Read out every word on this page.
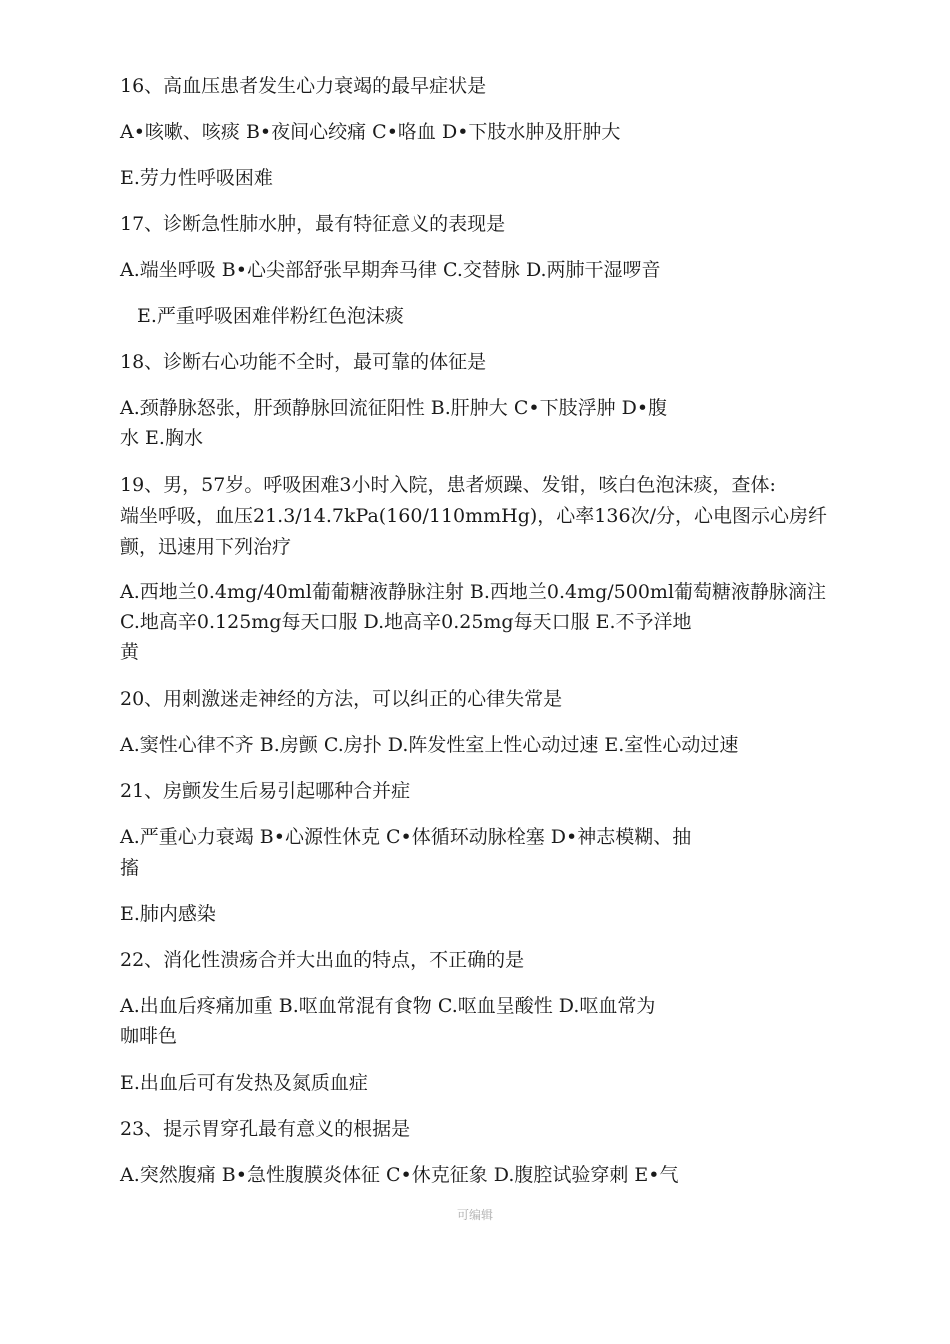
16、高血压患者发生心力衰竭的最早症状是
A•咳嗽、咳痰 B•夜间心绞痛 C•咯血 D•下肢水肿及肝肿大
E.劳力性呼吸困难
17、诊断急性肺水肿，最有特征意义的表现是
A.端坐呼吸 B•心尖部舒张早期奔马律 C.交替脉 D.两肺干湿啰音
E.严重呼吸困难伴粉红色泡沫痰
18、诊断右心功能不全时，最可靠的体征是
A.颈静脉怒张，肝颈静脉回流征阳性 B.肝肿大 C•下肢浮肿 D•腹
水 E.胸水
19、男，57岁。呼吸困难3小时入院，患者烦躁、发钳，咳白色泡沫痰，查体:
端坐呼吸，血压21.3/14.7kPa(160/110mmHg)，心率136次/分，心电图示心房纤
颤，迅速用下列治疗
A.西地兰0.4mg/40ml葡葡糖液静脉注射 B.西地兰0.4mg/500ml葡萄糖液静脉滴注
C.地高辛0.125mg每天口服 D.地高辛0.25mg每天口服 E.不予洋地
黄
20、用刺激迷走神经的方法，可以纠正的心律失常是
A.窦性心律不齐 B.房颤 C.房扑 D.阵发性室上性心动过速 E.室性心动过速
21、房颤发生后易引起哪种合并症
A.严重心力衰竭 B•心源性休克 C•体循环动脉栓塞 D•神志模糊、抽
搐
E.肺内感染
22、消化性溃疡合并大出血的特点，不正确的是
A.出血后疼痛加重 B.呕血常混有食物 C.呕血呈酸性 D.呕血常为
咖啡色
E.出血后可有发热及氮质血症
23、提示胃穿孔最有意义的根据是
A.突然腹痛 B•急性腹膜炎体征 C•休克征象 D.腹腔试验穿刺 E•气
可编辑
